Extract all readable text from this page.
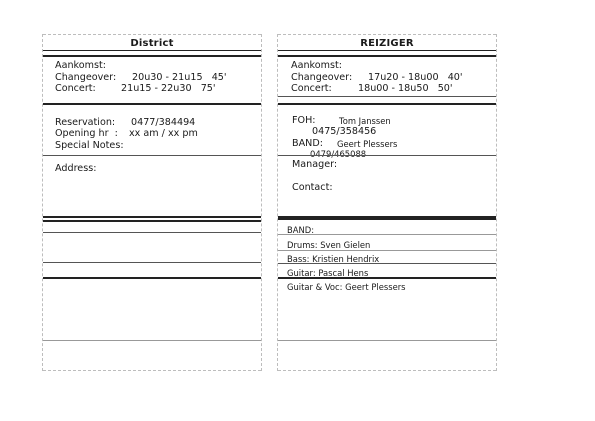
District
Aankomst:
Changeover: 20u30 - 21u15   45'
Concert:	21u15 - 22u30   75'
Reservation: 0477/384494
Opening hr  : xx am / xx pm
Special Notes:
Address:
REIZIGER
Aankomst:
Changeover: 17u20 - 18u00   40'
Concert:	18u00 - 18u50   50'
FOH:	Tom Janssen
0475/358456
BAND: Geert Plessers
0479/465088
Manager:
Contact:
BAND:
Drums: Sven Gielen
Bass: Kristien Hendrix
Guitar: Pascal Hens
Guitar & Voc: Geert Plessers
